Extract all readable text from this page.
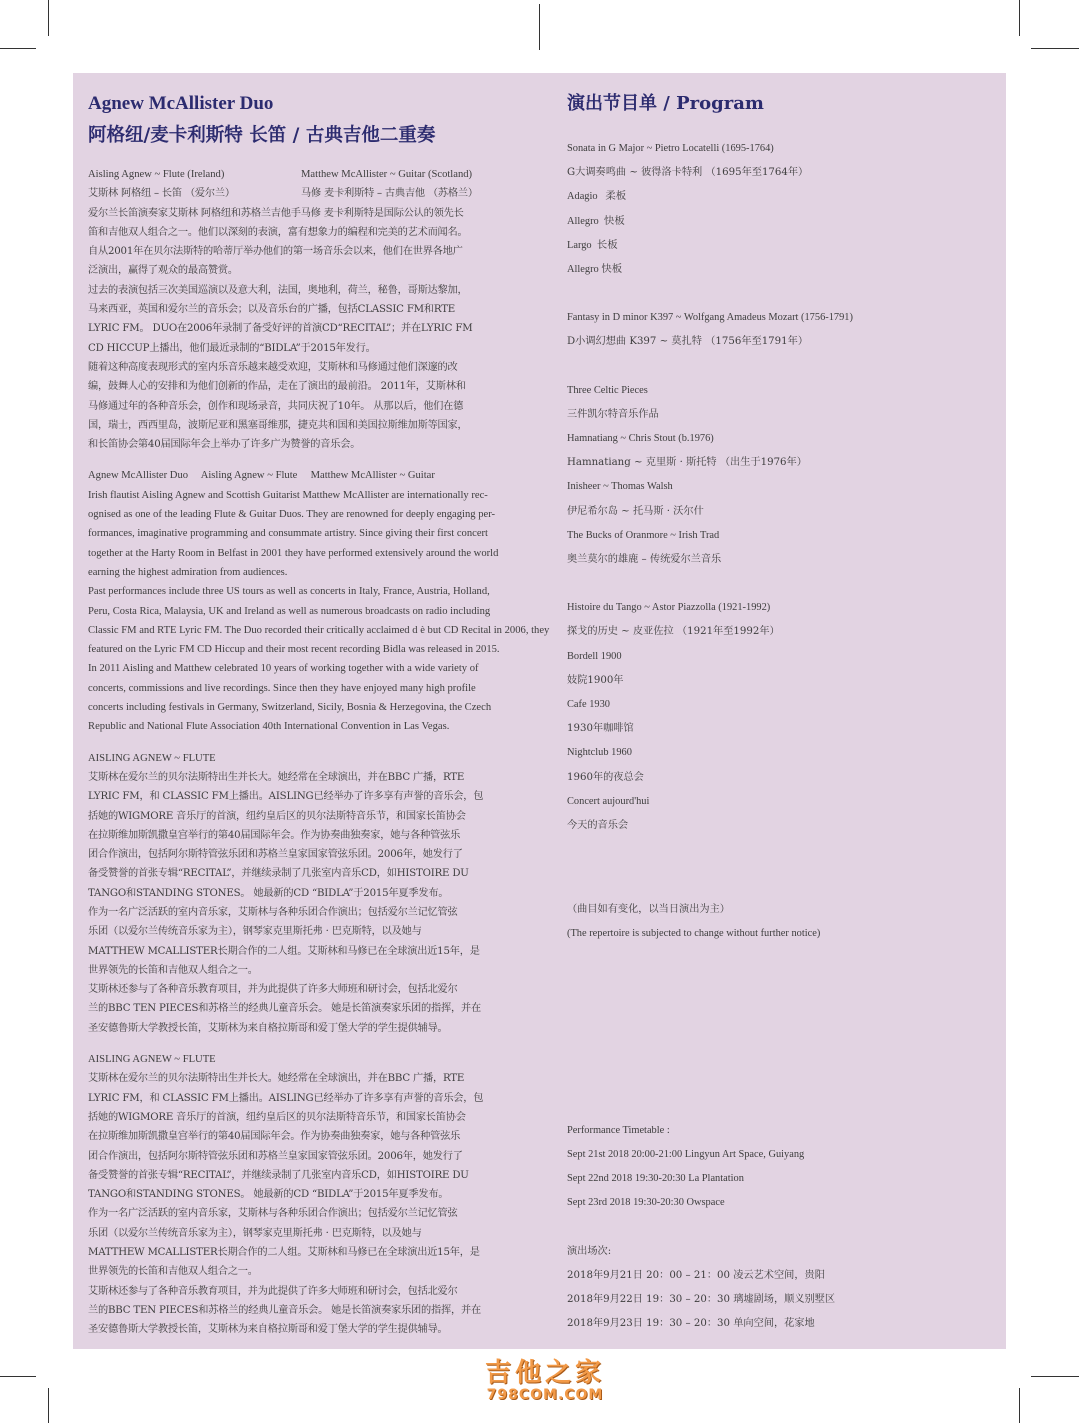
Agnew McAllister Duo
阿格纽/麦卡利斯特 长笛 / 古典吉他二重奏
Aisling Agnew ~ Flute (Ireland)	Matthew McAllister ~ Guitar (Scotland)
艾斯林 阿格纽 – 长笛 （爱尔兰）	马修 麦卡利斯特 – 古典吉他 （苏格兰）
爱尔兰长笛演奏家艾斯林 阿格纽和苏格兰吉他手马修 麦卡利斯特是国际公认的领先长
笛和吉他双人组合之一。他们以深刻的表演，富有想象力的编程和完美的艺术而闻名。
自从2001年在贝尔法斯特的哈蒂厅举办他们的第一场音乐会以来，他们在世界各地广
泛演出，赢得了观众的最高赞赏。
过去的表演包括三次美国巡演以及意大利，法国，奥地利，荷兰，秘鲁，哥斯达黎加，
马来西亚，英国和爱尔兰的音乐会；以及音乐台的广播，包括CLASSIC FM和RTE
LYRIC FM。 DUO在2006年录制了备受好评的首演CD“RECITAL”；并在LYRIC FM
CD HICCUP上播出，他们最近录制的“BIDLA”于2015年发行。
随着这种高度表现形式的室内乐音乐越来越受欢迎，艾斯林和马修通过他们深邃的改
编，鼓舞人心的安排和为他们创新的作品，走在了演出的最前沿。 2011年，艾斯林和
马修通过年的各种音乐会，创作和现场录音，共同庆祝了10年。 从那以后，他们在德
国，瑞士，西西里岛，波斯尼亚和黑塞哥维那，捷克共和国和美国拉斯维加斯等国家，
和长笛协会第40届国际年会上举办了许多广为赞誉的音乐会。
Agnew McAllister Duo     Aisling Agnew ~ Flute     Matthew McAllister ~ Guitar
Irish flautist Aisling Agnew and Scottish Guitarist Matthew McAllister are internationally rec-
ognised as one of the leading Flute & Guitar Duos. They are renowned for deeply engaging per-
formances, imaginative programming and consummate artistry. Since giving their first concert
together at the Harty Room in Belfast in 2001 they have performed extensively around the world
earning the highest admiration from audiences.
Past performances include three US tours as well as concerts in Italy, France, Austria, Holland,
Peru, Costa Rica, Malaysia, UK and Ireland as well as numerous broadcasts on radio including
Classic FM and RTE Lyric FM. The Duo recorded their critically acclaimed d è but CD Recital in 2006, they
featured on the Lyric FM CD Hiccup and their most recent recording Bidla was released in 2015.
In 2011 Aisling and Matthew celebrated 10 years of working together with a wide variety of
concerts, commissions and live recordings. Since then they have enjoyed many high profile
concerts including festivals in Germany, Switzerland, Sicily, Bosnia & Herzegovina, the Czech
Republic and National Flute Association 40th International Convention in Las Vegas.
AISLING AGNEW ~ FLUTE
艾斯林在爱尔兰的贝尔法斯特出生并长大。她经常在全球演出，并在BBC 广播，RTE
LYRIC FM，和 CLASSIC FM上播出。AISLING已经举办了许多享有声誉的音乐会，包
括她的WIGMORE 音乐厅的首演，纽约皇后区的贝尔法斯特音乐节，和国家长笛协会
在拉斯维加斯凯撒皇宫举行的第40届国际年会。作为协奏曲独奏家，她与各种管弦乐
团合作演出，包括阿尔斯特管弦乐团和苏格兰皇家国家管弦乐团。2006年，她发行了
备受赞誉的首张专辑“RECITAL”，并继续录制了几张室内音乐CD，如HISTOIRE DU
TANGO和STANDING STONES。 她最新的CD “BIDLA”于2015年夏季发布。
作为一名广泛活跃的室内音乐家，艾斯林与各种乐团合作演出；包括爱尔兰记忆管弦
乐团（以爱尔兰传统音乐家为主），钢琴家克里斯托弗 · 巴克斯特，以及她与
MATTHEW MCALLISTER长期合作的二人组。艾斯林和马修已在全球演出近15年，是
世界领先的长笛和吉他双人组合之一。
艾斯林还参与了各种音乐教育项目，并为此提供了许多大师班和研讨会，包括北爱尔
兰的BBC TEN PIECES和苏格兰的经典儿童音乐会。 她是长笛演奏家乐团的指挥，并在
圣安德鲁斯大学教授长笛，艾斯林为来自格拉斯哥和爱丁堡大学的学生提供辅导。
AISLING AGNEW ~ FLUTE
艾斯林在爱尔兰的贝尔法斯特出生并长大。她经常在全球演出，并在BBC 广播，RTE
LYRIC FM，和 CLASSIC FM上播出。AISLING已经举办了许多享有声誉的音乐会，包
括她的WIGMORE 音乐厅的首演，纽约皇后区的贝尔法斯特音乐节，和国家长笛协会
在拉斯维加斯凯撒皇宫举行的第40届国际年会。作为协奏曲独奏家，她与各种管弦乐
团合作演出，包括阿尔斯特管弦乐团和苏格兰皇家国家管弦乐团。2006年，她发行了
备受赞誉的首张专辑“RECITAL”，并继续录制了几张室内音乐CD，如HISTOIRE DU
TANGO和STANDING STONES。 她最新的CD “BIDLA”于2015年夏季发布。
作为一名广泛活跃的室内音乐家，艾斯林与各种乐团合作演出；包括爱尔兰记忆管弦
乐团（以爱尔兰传统音乐家为主），钢琴家克里斯托弗 · 巴克斯特，以及她与
MATTHEW MCALLISTER长期合作的二人组。艾斯林和马修已在全球演出近15年，是
世界领先的长笛和吉他双人组合之一。
艾斯林还参与了各种音乐教育项目，并为此提供了许多大师班和研讨会，包括北爱尔
兰的BBC TEN PIECES和苏格兰的经典儿童音乐会。 她是长笛演奏家乐团的指挥，并在
圣安德鲁斯大学教授长笛，艾斯林为来自格拉斯哥和爱丁堡大学的学生提供辅导。
演出节目单 / Program
Sonata in G Major ~ Pietro Locatelli (1695-1764)
G大调奏鸣曲 ~ 彼得洛卡特利 （1695年至1764年）
Adagio   柔板
Allegro  快板
Largo  长板
Allegro 快板
Fantasy in D minor K397 ~ Wolfgang Amadeus Mozart (1756-1791)
D小调幻想曲 K397 ~ 莫扎特 （1756年至1791年）
Three Celtic Pieces
三件凯尔特音乐作品
Hamnatiang ~ Chris Stout (b.1976)
Hamnatiang ~ 克里斯 · 斯托特 （出生于1976年）
Inisheer ~ Thomas Walsh
伊尼希尔岛 ~ 托马斯 · 沃尔什
The Bucks of Oranmore ~ Irish Trad
奥兰莫尔的雄鹿 – 传统爱尔兰音乐
Histoire du Tango ~ Astor Piazzolla (1921-1992)
探戈的历史 ~ 皮亚佐拉 （1921年至1992年）
Bordell 1900
妓院1900年
Cafe 1930
1930年咖啡馆
Nightclub 1960
1960年的夜总会
Concert aujourd'hui
今天的音乐会
（曲目如有变化，以当日演出为主）
(The repertoire is subjected to change without further notice)
Performance Timetable :
Sept 21st 2018 20:00-21:00 Lingyun Art Space, Guiyang
Sept 22nd 2018 19:30-20:30 La Plantation
Sept 23rd 2018 19:30-20:30 Owspace
演出场次:
2018年9月21日 20：00 – 21：00 凌云艺术空间，贵阳
2018年9月22日 19：30 – 20：30 璃墟剧场，顺义别墅区
2018年9月23日 19：30 – 20：30 单向空间，花家地
吉他之家
798COM.COM
